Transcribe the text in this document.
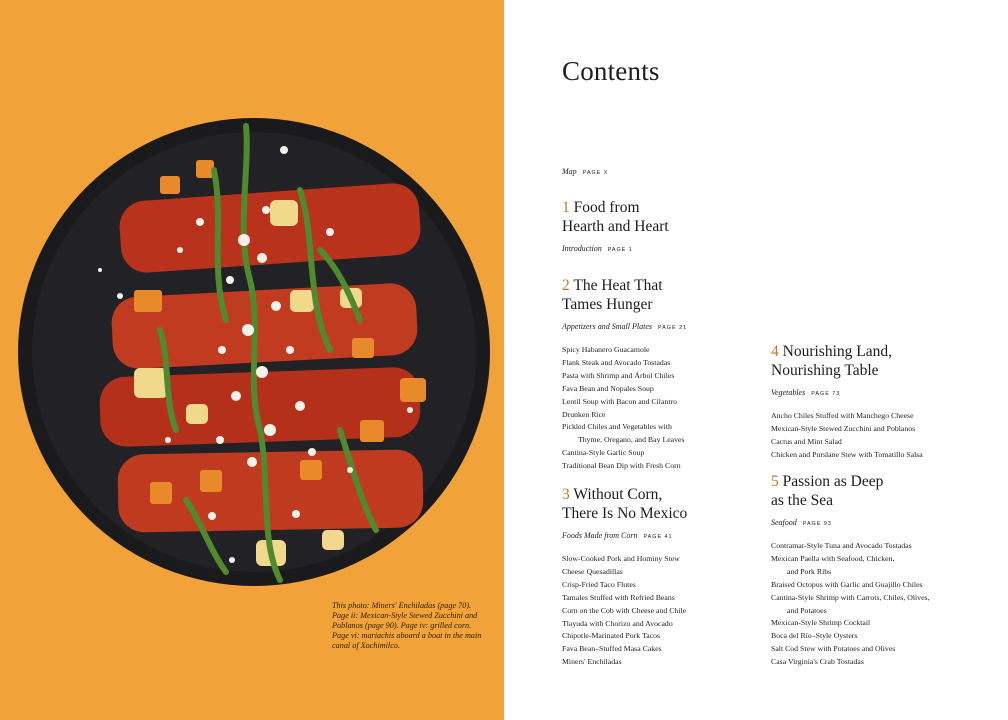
This photo: Miners' Enchiladas (page 70). Page ii: Mexican-Style Stewed Zucchini and Poblanos (page 90). Page iv: grilled corn. Page vi: mariachis aboard a boat in the main canal of Xochimilco.
Contents
Map PAGE X
1 Food from
Hearth and Heart
Introduction PAGE 1
2 The Heat That
Tames Hunger
Appetizers and Small Plates PAGE 21
Spicy Habanero Guacamole
Flank Steak and Avocado Tostadas
Pasta with Shrimp and Árbol Chiles
Fava Bean and Nopales Soup
Lentil Soup with Bacon and Cilantro
Drunken Rice
Pickled Chiles and Vegetables with
Thyme, Oregano, and Bay Leaves
Cantina-Style Garlic Soup
Traditional Bean Dip with Fresh Corn
3 Without Corn,
There Is No Mexico
Foods Made from Corn PAGE 41
Slow-Cooked Pork and Hominy Stew
Cheese Quesadillas
Crisp-Fried Taco Flutes
Tamales Stuffed with Refried Beans
Corn on the Cob with Cheese and Chile
Tlayuda with Chorizo and Avocado
Chipotle-Marinated Pork Tacos
Fava Bean–Stuffed Masa Cakes
Miners' Enchiladas
4 Nourishing Land,
Nourishing Table
Vegetables PAGE 73
Ancho Chiles Stuffed with Manchego Cheese
Mexican-Style Stewed Zucchini and Poblanos
Cactus and Mint Salad
Chicken and Purslane Stew with Tomatillo Salsa
5 Passion as Deep
as the Sea
Seafood PAGE 93
Contramar-Style Tuna and Avocado Tostadas
Mexican Paella with Seafood, Chicken,
and Pork Ribs
Braised Octopus with Garlic and Guajillo Chiles
Cantina-Style Shrimp with Carrots, Chiles, Olives,
and Potatoes
Mexican-Style Shrimp Cocktail
Boca del Río–Style Oysters
Salt Cod Stew with Potatoes and Olives
Casa Virginia's Crab Tostadas
